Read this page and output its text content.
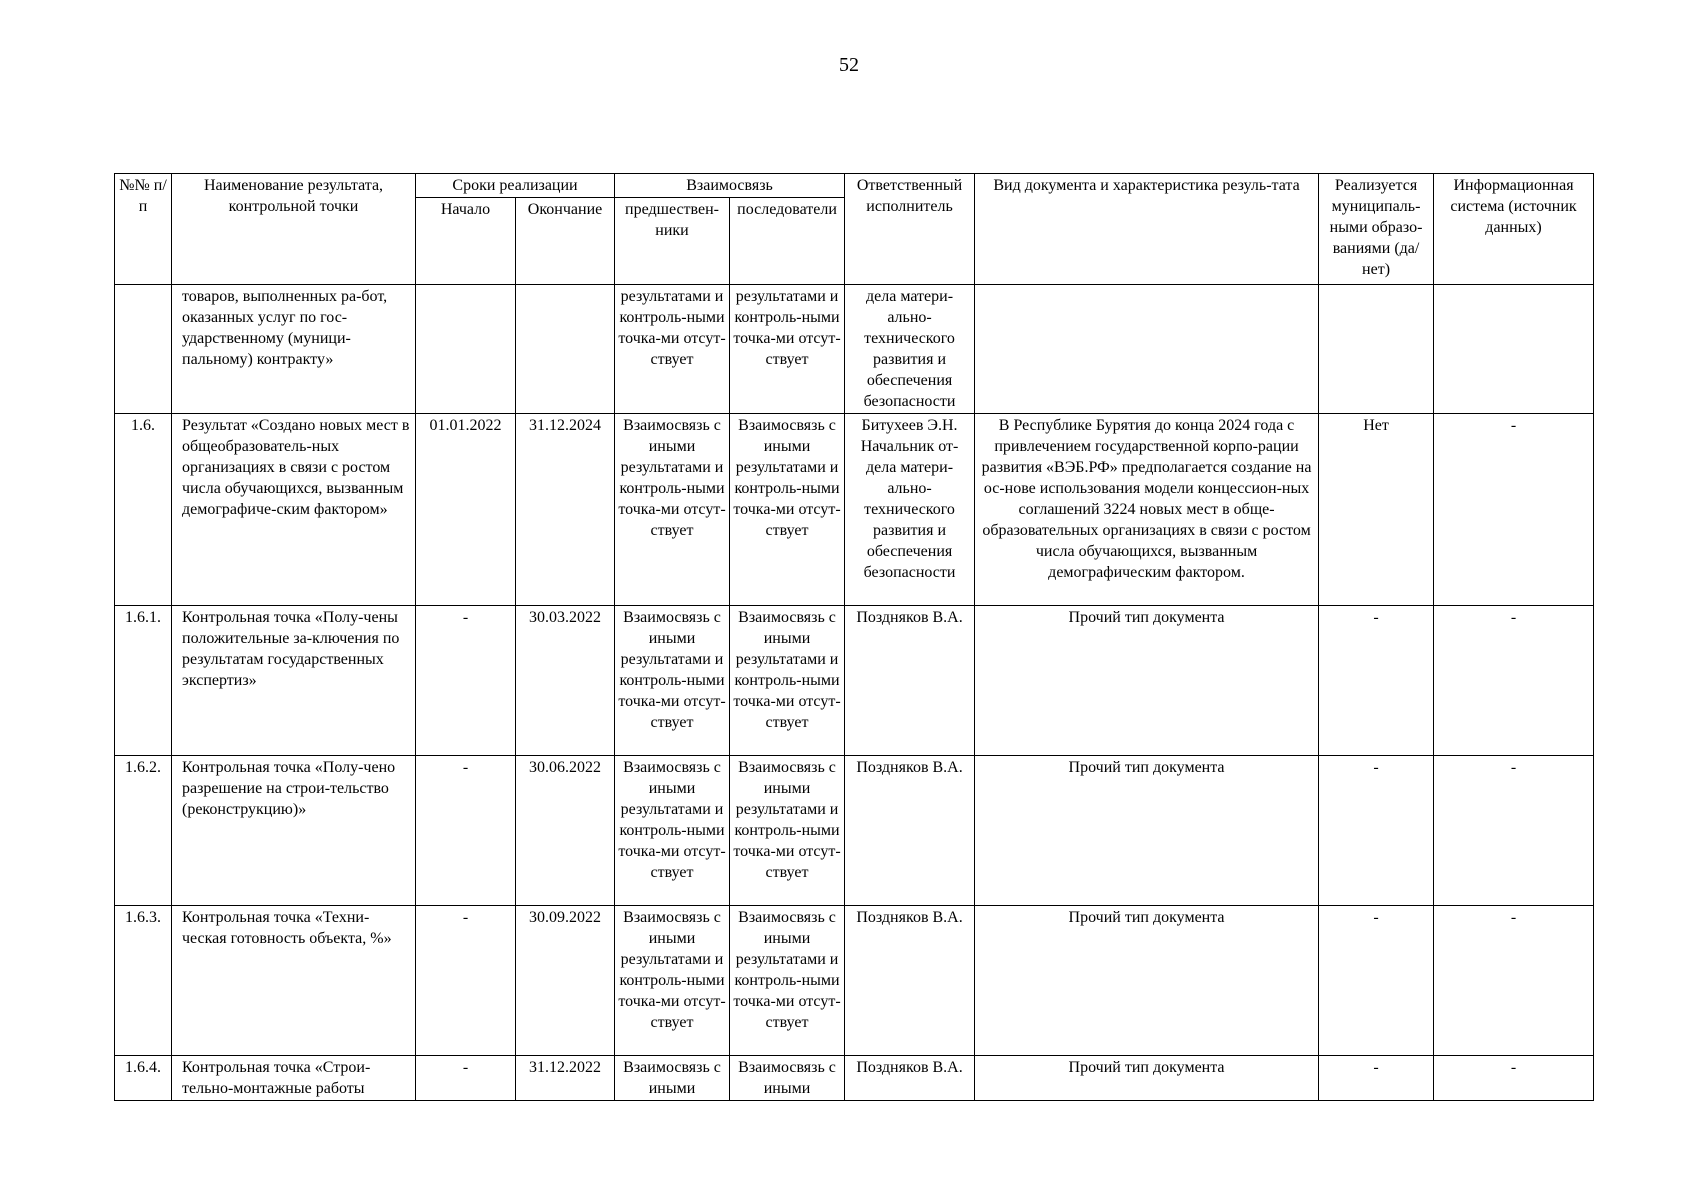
52
№№ п/п	Наименование результата, контрольной точки	Сроки реализации		Взаимосвязь		Ответственный исполнитель	Вид документа и характеристика резуль-тата	Реализуется муниципаль-ными образо-ваниями (да/нет)	Информационная система (источник данных)
		Начало	Окончание	предшествен-ники	последователи				
	товаров, выполненных ра-бот, оказанных услуг по гос-ударственному (муници-пальному) контракту»			результатами и контроль-ными точка-ми отсут-ствует	результатами и контроль-ными точка-ми отсут-ствует	дела матери-ально-технического развития и обеспечения безопасности			
1.6.	Результат «Создано новых мест в общеобразователь-ных организациях в связи с ростом числа обучающихся, вызванным демографиче-ским фактором»	01.01.2022	31.12.2024	Взаимосвязь с иными результатами и контроль-ными точка-ми отсут-ствует	Взаимосвязь с иными результатами и контроль-ными точка-ми отсут-ствует	Битухеев Э.Н. Начальник от-дела матери-ально-технического развития и обеспечения безопасности	В Республике Бурятия до конца 2024 года с привлечением государственной корпо-рации развития «ВЭБ.РФ» предполагается создание на ос-нове использования модели концессион-ных соглашений 3224 новых мест в обще-образовательных организациях в связи с ростом числа обучающихся, вызванным демографическим фактором.	Нет	-
1.6.1.	Контрольная точка «Полу-чены положительные за-ключения по результатам государственных экспертиз»	-	30.03.2022	Взаимосвязь с иными результатами и контроль-ными точка-ми отсут-ствует	Взаимосвязь с иными результатами и контроль-ными точка-ми отсут-ствует	Поздняков В.А.	Прочий тип документа	-	-
1.6.2.	Контрольная точка «Полу-чено разрешение на строи-тельство (реконструкцию)»	-	30.06.2022	Взаимосвязь с иными результатами и контроль-ными точка-ми отсут-ствует	Взаимосвязь с иными результатами и контроль-ными точка-ми отсут-ствует	Поздняков В.А.	Прочий тип документа	-	-
1.6.3.	Контрольная точка «Техни-ческая готовность объекта, %»	-	30.09.2022	Взаимосвязь с иными результатами и контроль-ными точка-ми отсут-ствует	Взаимосвязь с иными результатами и контроль-ными точка-ми отсут-ствует	Поздняков В.А.	Прочий тип документа	-	-
1.6.4.	Контрольная точка «Строи-тельно-монтажные работы	-	31.12.2022	Взаимосвязь с иными	Взаимосвязь с иными	Поздняков В.А.	Прочий тип документа	-	-
